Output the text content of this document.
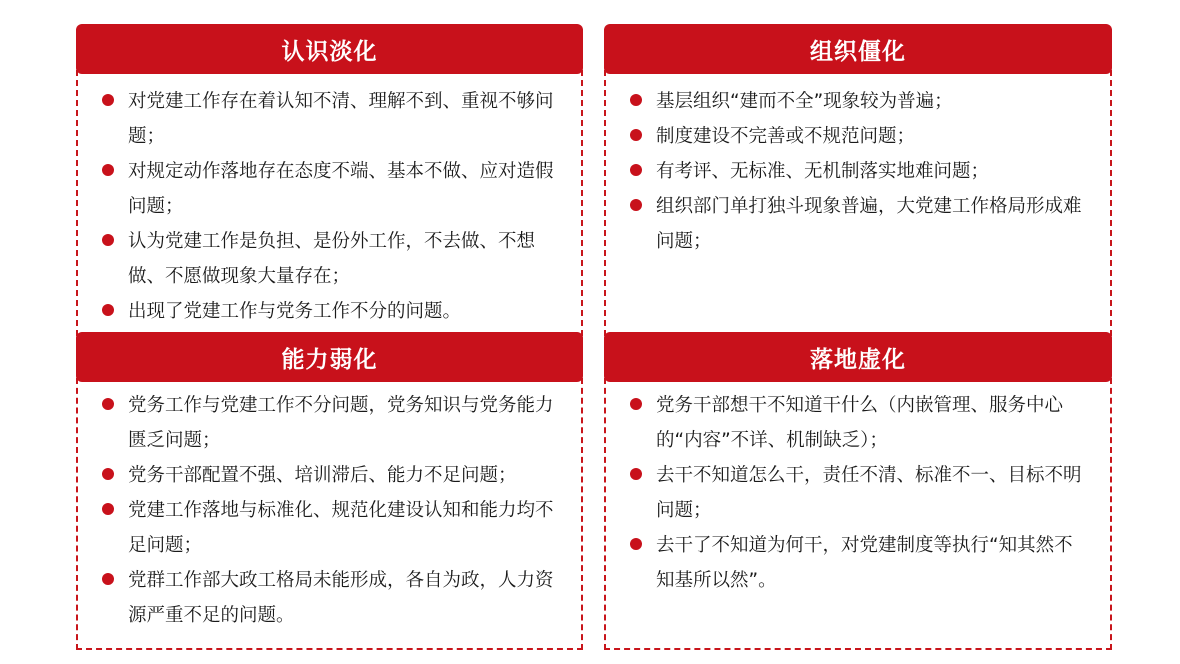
认识淡化
对党建工作存在着认知不清、理解不到、重视不够问题；
对规定动作落地存在态度不端、基本不做、应对造假问题；
认为党建工作是负担、是份外工作，不去做、不想做、不愿做现象大量存在；
出现了党建工作与党务工作不分的问题。
组织僵化
基层组织“建而不全”现象较为普遍；
制度建设不完善或不规范问题；
有考评、无标准、无机制落实地难问题；
组织部门单打独斗现象普遍，大党建工作格局形成难问题；
能力弱化
党务工作与党建工作不分问题，党务知识与党务能力匮乏问题；
党务干部配置不强、培训滞后、能力不足问题；
党建工作落地与标准化、规范化建设认知和能力均不足问题；
党群工作部大政工格局未能形成，各自为政，人力资源严重不足的问题。
落地虚化
党务干部想干不知道干什么（内嵌管理、服务中心的“内容”不详、机制缺乏）；
去干不知道怎么干，责任不清、标准不一、目标不明问题；
去干了不知道为何干，对党建制度等执行“知其然不知基所以然”。
